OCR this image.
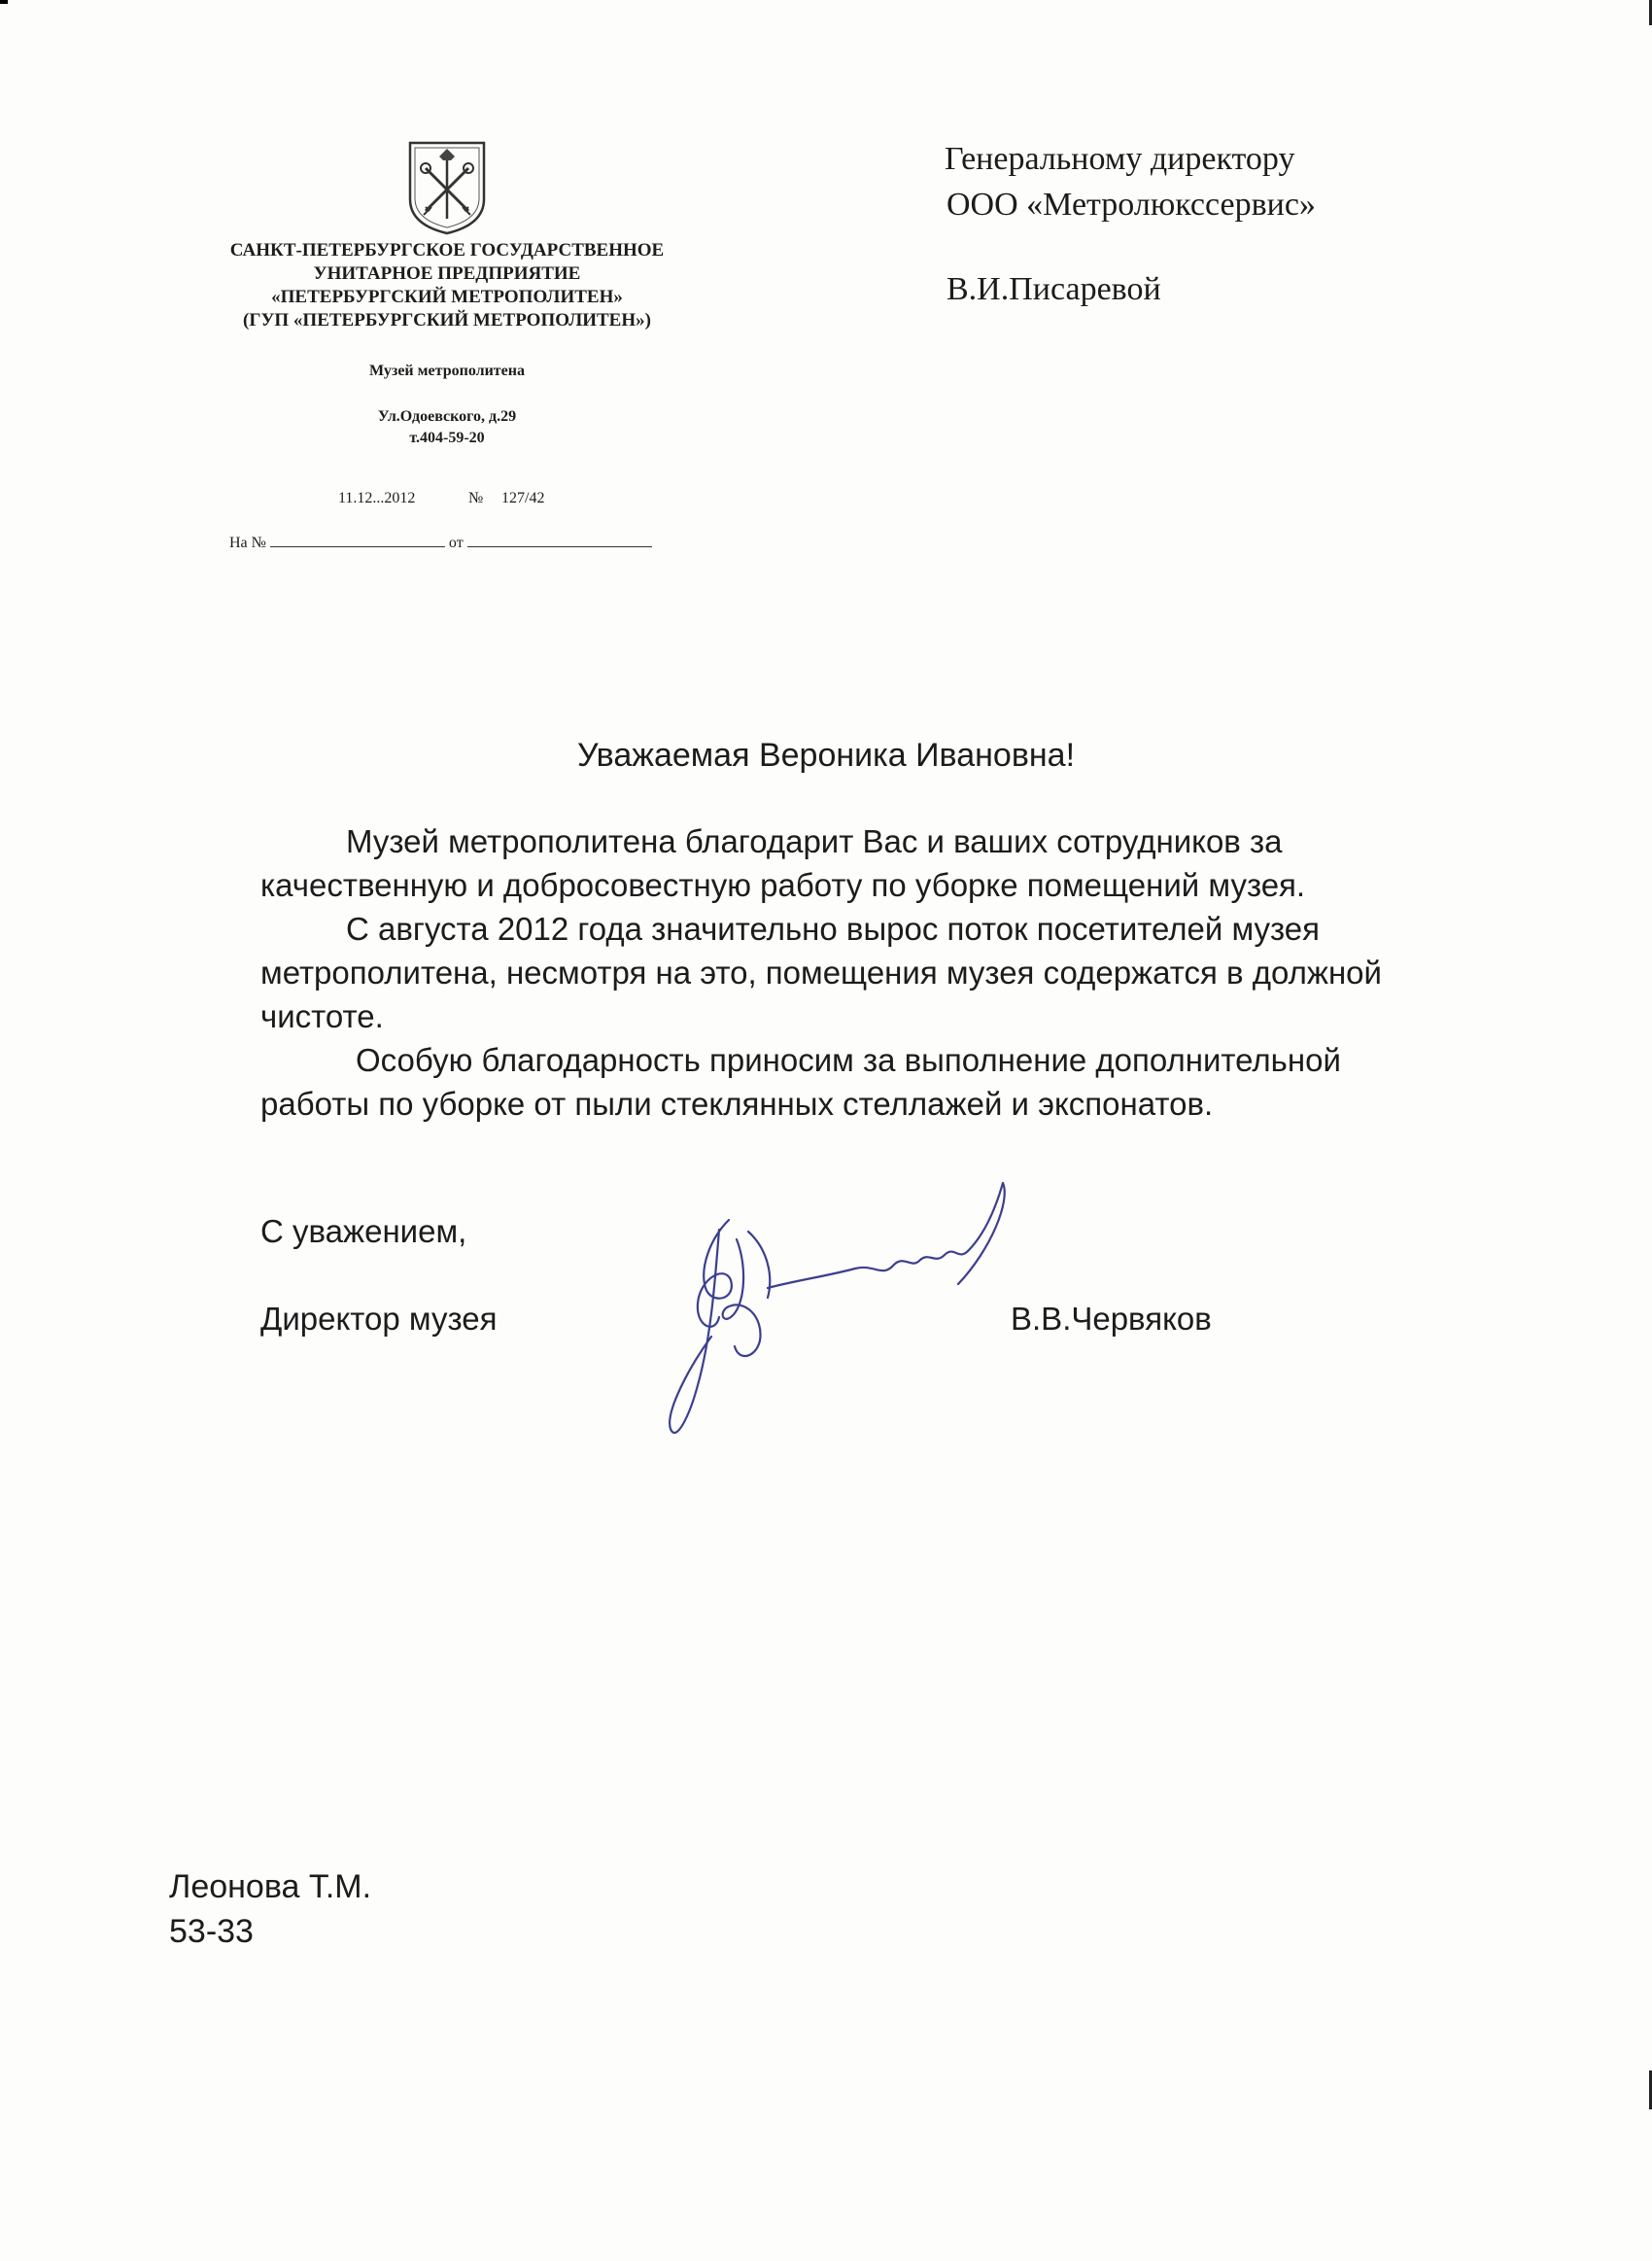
САНКТ-ПЕТЕРБУРГСКОЕ ГОСУДАРСТВЕННОЕ
УНИТАРНОЕ ПРЕДПРИЯТИЕ
«ПЕТЕРБУРГСКИЙ МЕТРОПОЛИТЕН»
(ГУП «ПЕТЕРБУРГСКИЙ МЕТРОПОЛИТЕН»)
Музей метрополитена
Ул.Одоевского, д.29
т.404-59-20
11.12...2012	№ 127/42
На №	от
Генеральному директору
ООО «Метролюкссервис»
В.И.Писаревой
Уважаемая Вероника Ивановна!

Музей метрополитена благодарит Вас и ваших сотрудников за

качественную и добросовестную работу по уборке помещений музея.

С августа 2012 года значительно вырос поток посетителей музея

метрополитена, несмотря на это, помещения музея содержатся в должной

чистоте.

Особую благодарность приносим за выполнение дополнительной

работы по уборке от пыли стеклянных стеллажей и экспонатов.

С уважением,
Директор музея	В.В.Червяков
Леонова Т.М.
53-33
